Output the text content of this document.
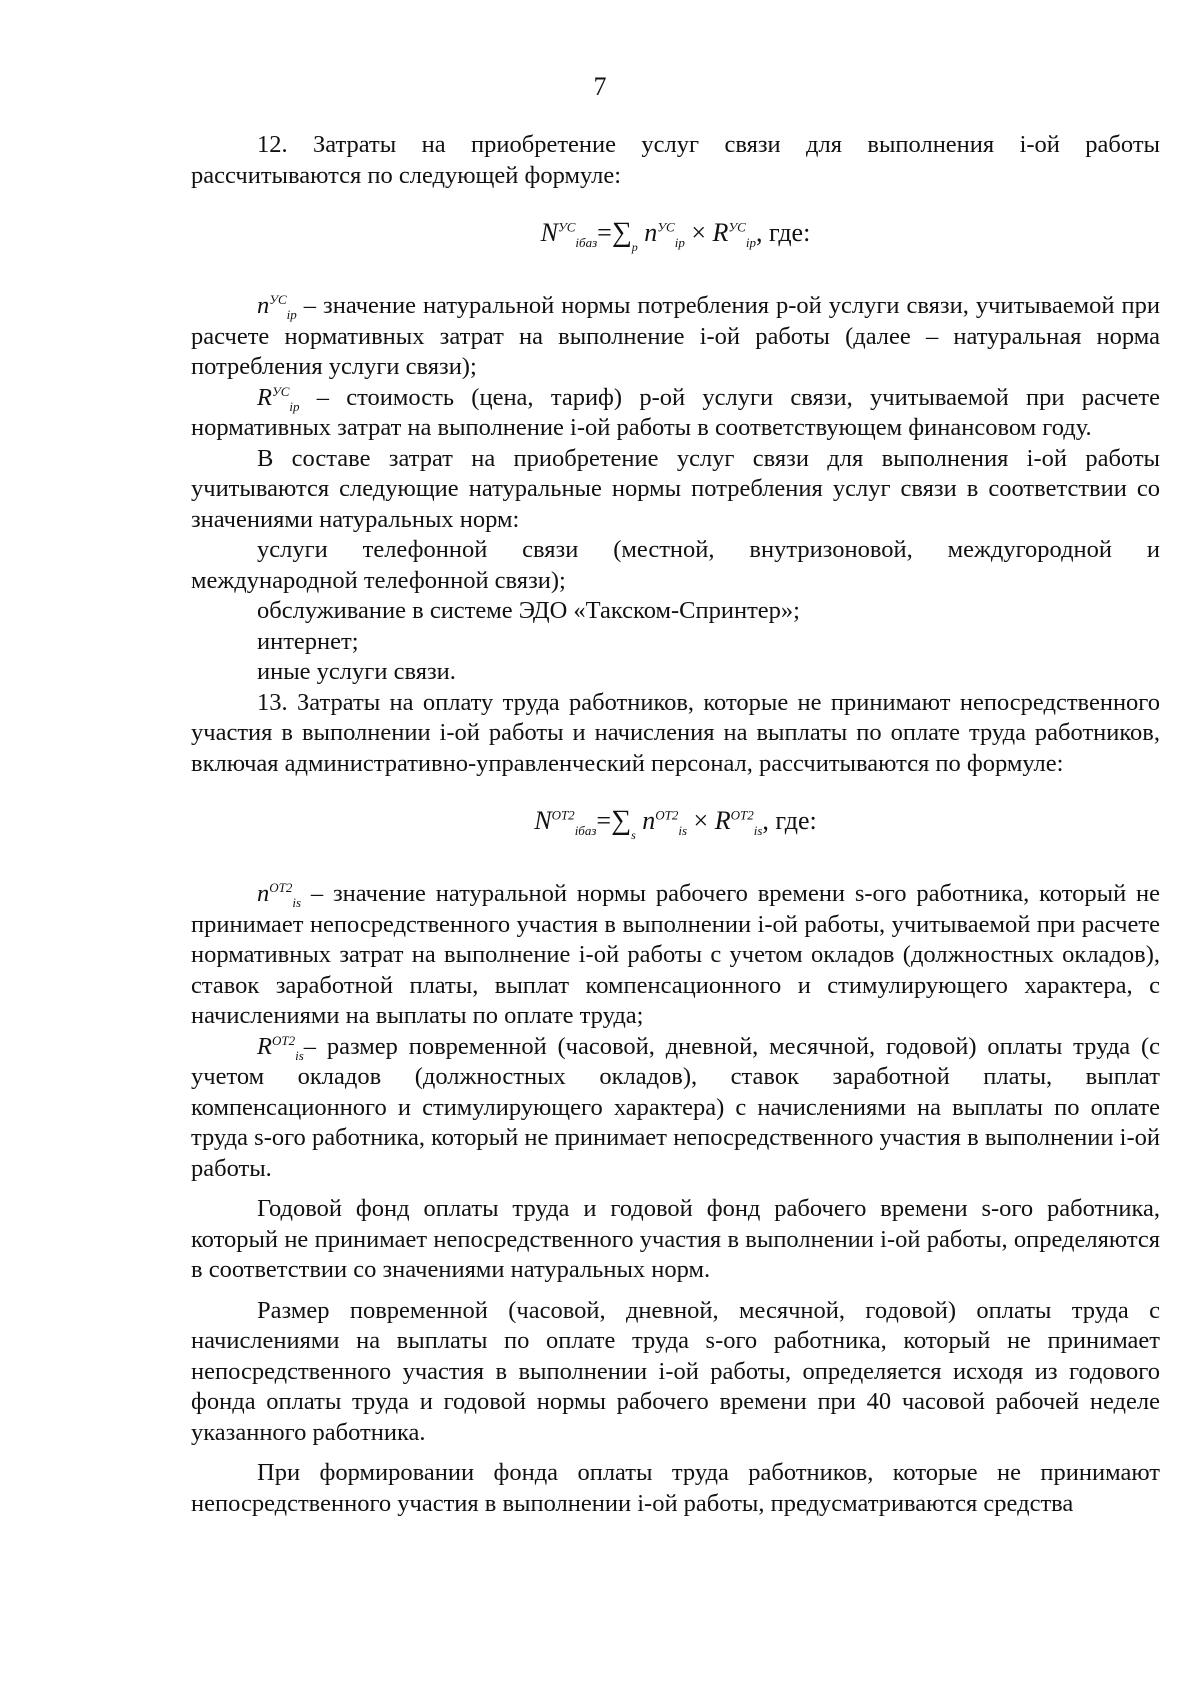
7

12. Затраты на приобретение услуг связи для выполнения i-ой работы рассчитываются по следующей формуле:

$N^{УС}_{iбаз}=\sum_p$ $n^{УС}_{ip} \times R^{УС}_{ip}$, где:

$n^{УС}_{ip}$ – значение натуральной нормы потребления р-ой услуги связи, учитываемой при расчете нормативных затрат на выполнение i-ой работы (далее – натуральная норма потребления услуги связи);

$R^{УС}_{ip}$ – стоимость (цена, тариф) р-ой услуги связи, учитываемой при расчете нормативных затрат на выполнение i-ой работы в соответствующем финансовом году.

В составе затрат на приобретение услуг связи для выполнения i-ой работы учитываются следующие натуральные нормы потребления услуг связи в соответствии со значениями натуральных норм:

услуги телефонной связи (местной, внутризоновой, междугородной и международной телефонной связи);

обслуживание в системе ЭДО «Такском-Спринтер»;

интернет;

иные услуги связи.

13. Затраты на оплату труда работников, которые не принимают непосредственного участия в выполнении i-ой работы и начисления на выплаты по оплате труда работников, включая административно-управленческий персонал, рассчитываются по формуле:

$N^{ОТ2}_{iбаз}=\sum_s$ $n^{ОТ2}_{is} \times R^{ОТ2}_{is}$, где:

$n^{ОТ2}_{is}$ – значение натуральной нормы рабочего времени s-ого работника, который не принимает непосредственного участия в выполнении i-ой работы, учитываемой при расчете нормативных затрат на выполнение i-ой работы с учетом окладов (должностных окладов), ставок заработной платы, выплат компенсационного и стимулирующего характера, с начислениями на выплаты по оплате труда;

$R^{ОТ2}_{is}-$ размер повременной (часовой, дневной, месячной, годовой) оплаты труда (с учетом окладов (должностных окладов), ставок заработной платы, выплат компенсационного и стимулирующего характера) с начислениями на выплаты по оплате труда s-ого работника, который не принимает непосредственного участия в выполнении i-ой работы.

Годовой фонд оплаты труда и годовой фонд рабочего времени s-ого работника, который не принимает непосредственного участия в выполнении i-ой работы, определяются в соответствии со значениями натуральных норм.

Размер повременной (часовой, дневной, месячной, годовой) оплаты труда с начислениями на выплаты по оплате труда s-ого работника, который не принимает непосредственного участия в выполнении i-ой работы, определяется исходя из годового фонда оплаты труда и годовой нормы рабочего времени при 40 часовой рабочей неделе указанного работника.

При формировании фонда оплаты труда работников, которые не принимают непосредственного участия в выполнении i-ой работы, предусматриваются средства
